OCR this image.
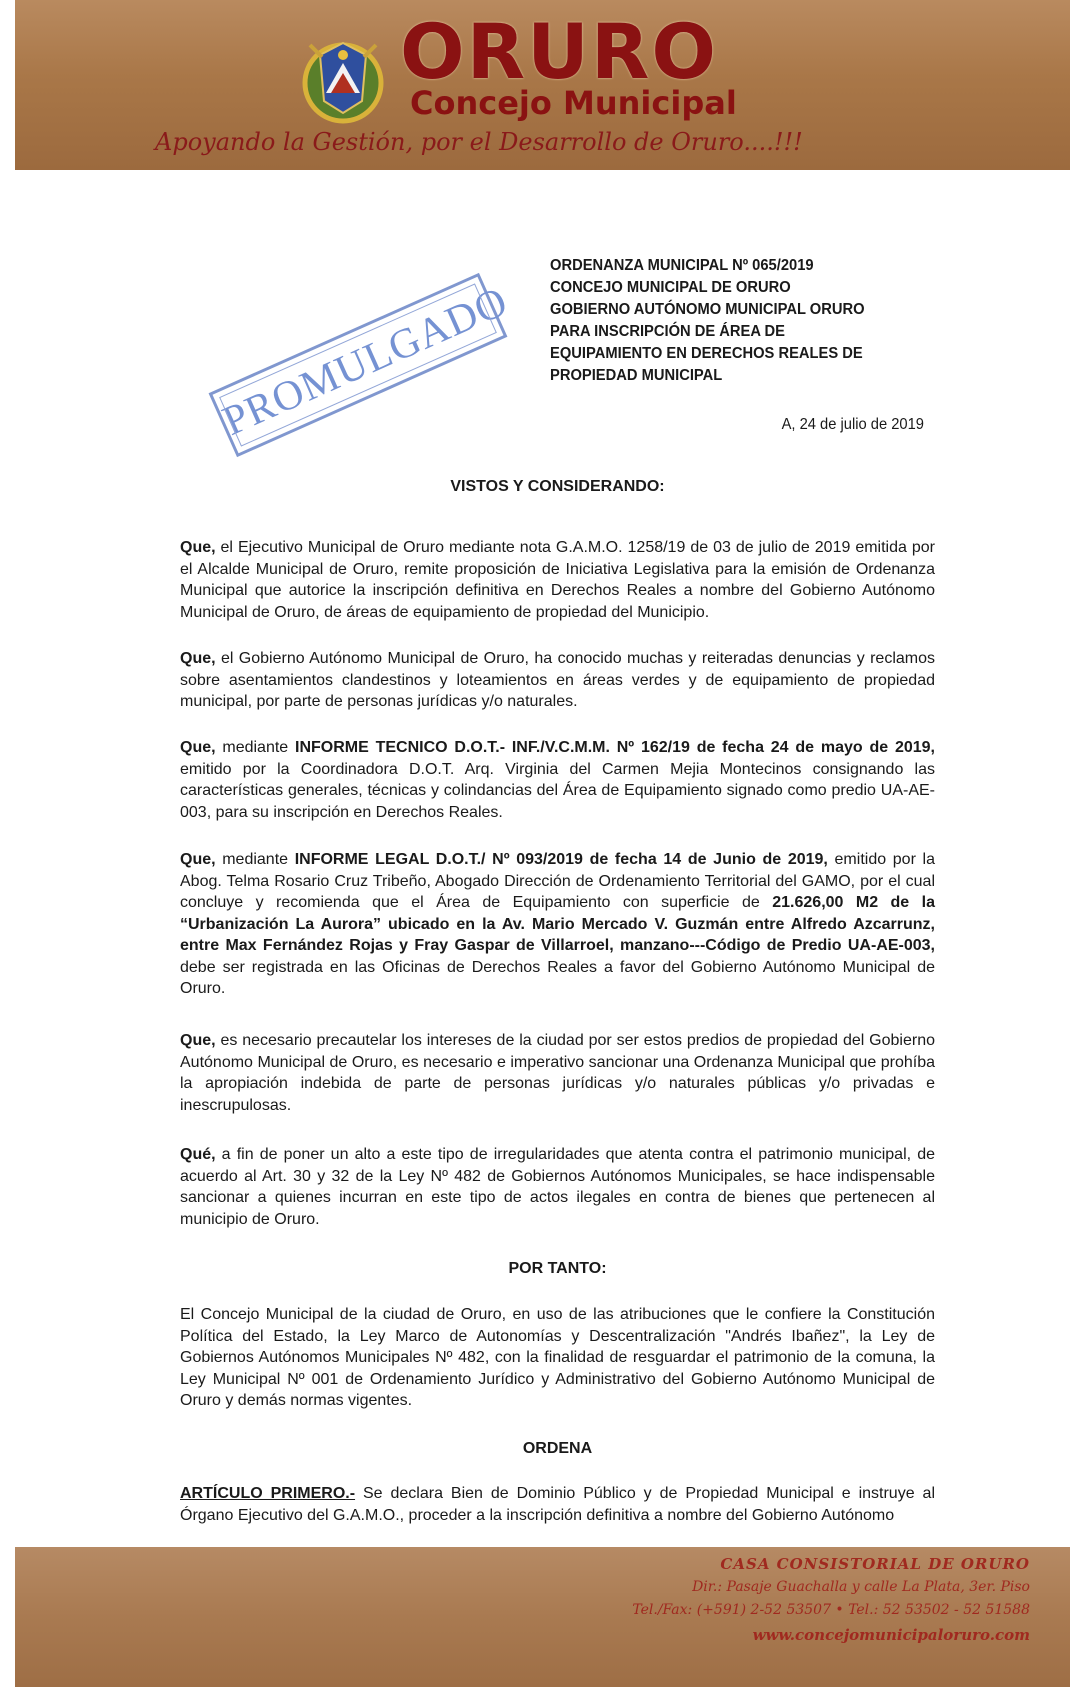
ORURO
Concejo Municipal
Apoyando la Gestión, por el Desarrollo de Oruro....!!!
PROMULGADO
ORDENANZA MUNICIPAL Nº 065/2019
CONCEJO MUNICIPAL DE ORURO
GOBIERNO AUTÓNOMO MUNICIPAL ORURO
PARA INSCRIPCIÓN DE ÁREA DE
EQUIPAMIENTO EN DERECHOS REALES DE
PROPIEDAD MUNICIPAL
A, 24 de julio de 2019
VISTOS Y CONSIDERANDO:
Que, el Ejecutivo Municipal de Oruro mediante nota G.A.M.O. 1258/19 de 03 de julio de 2019 emitida por el Alcalde Municipal de Oruro, remite proposición de Iniciativa Legislativa para la emisión de Ordenanza Municipal que autorice la inscripción definitiva en Derechos Reales a nombre del Gobierno Autónomo Municipal de Oruro, de áreas de equipamiento de propiedad del Municipio.
Que, el Gobierno Autónomo Municipal de Oruro, ha conocido muchas y reiteradas denuncias y reclamos sobre asentamientos clandestinos y loteamientos en áreas verdes y de equipamiento de propiedad municipal, por parte de personas jurídicas y/o naturales.
Que, mediante INFORME TECNICO D.O.T.- INF./V.C.M.M. Nº 162/19 de fecha 24 de mayo de 2019, emitido por la Coordinadora D.O.T. Arq. Virginia del Carmen Mejia Montecinos consignando las características generales, técnicas y colindancias del Área de Equipamiento signado como predio UA-AE-003, para su inscripción en Derechos Reales.
Que, mediante INFORME LEGAL D.O.T./ Nº 093/2019 de fecha 14 de Junio de 2019, emitido por la Abog. Telma Rosario Cruz Tribeño, Abogado Dirección de Ordenamiento Territorial del GAMO, por el cual concluye y recomienda que el Área de Equipamiento con superficie de 21.626,00 M2 de la “Urbanización La Aurora” ubicado en la Av. Mario Mercado V. Guzmán entre Alfredo Azcarrunz, entre Max Fernández Rojas y Fray Gaspar de Villarroel, manzano---Código de Predio UA-AE-003, debe ser registrada en las Oficinas de Derechos Reales a favor del Gobierno Autónomo Municipal de Oruro.
Que, es necesario precautelar los intereses de la ciudad por ser estos predios de propiedad del Gobierno Autónomo Municipal de Oruro, es necesario e imperativo sancionar una Ordenanza Municipal que prohíba la apropiación indebida de parte de personas jurídicas y/o naturales públicas y/o privadas e inescrupulosas.
Qué, a fin de poner un alto a este tipo de irregularidades que atenta contra el patrimonio municipal, de acuerdo al Art. 30 y 32 de la Ley Nº 482 de Gobiernos Autónomos Municipales, se hace indispensable sancionar a quienes incurran en este tipo de actos ilegales en contra de bienes que pertenecen al municipio de Oruro.
POR TANTO:
El Concejo Municipal de la ciudad de Oruro, en uso de las atribuciones que le confiere la Constitución Política del Estado, la Ley Marco de Autonomías y Descentralización "Andrés Ibañez", la Ley de Gobiernos Autónomos Municipales Nº 482, con la finalidad de resguardar el patrimonio de la comuna, la Ley Municipal Nº 001 de Ordenamiento Jurídico y Administrativo del Gobierno Autónomo Municipal de Oruro y demás normas vigentes.
ORDENA
ARTÍCULO PRIMERO.- Se declara Bien de Dominio Público y de Propiedad Municipal e instruye al Órgano Ejecutivo del G.A.M.O., proceder a la inscripción definitiva a nombre del Gobierno Autónomo
CASA CONSISTORIAL DE ORURO
Dir.: Pasaje Guachalla y calle La Plata, 3er. Piso
Tel./Fax: (+591) 2-52 53507 • Tel.: 52 53502 - 52 51588
www.concejomunicipaloruro.com
